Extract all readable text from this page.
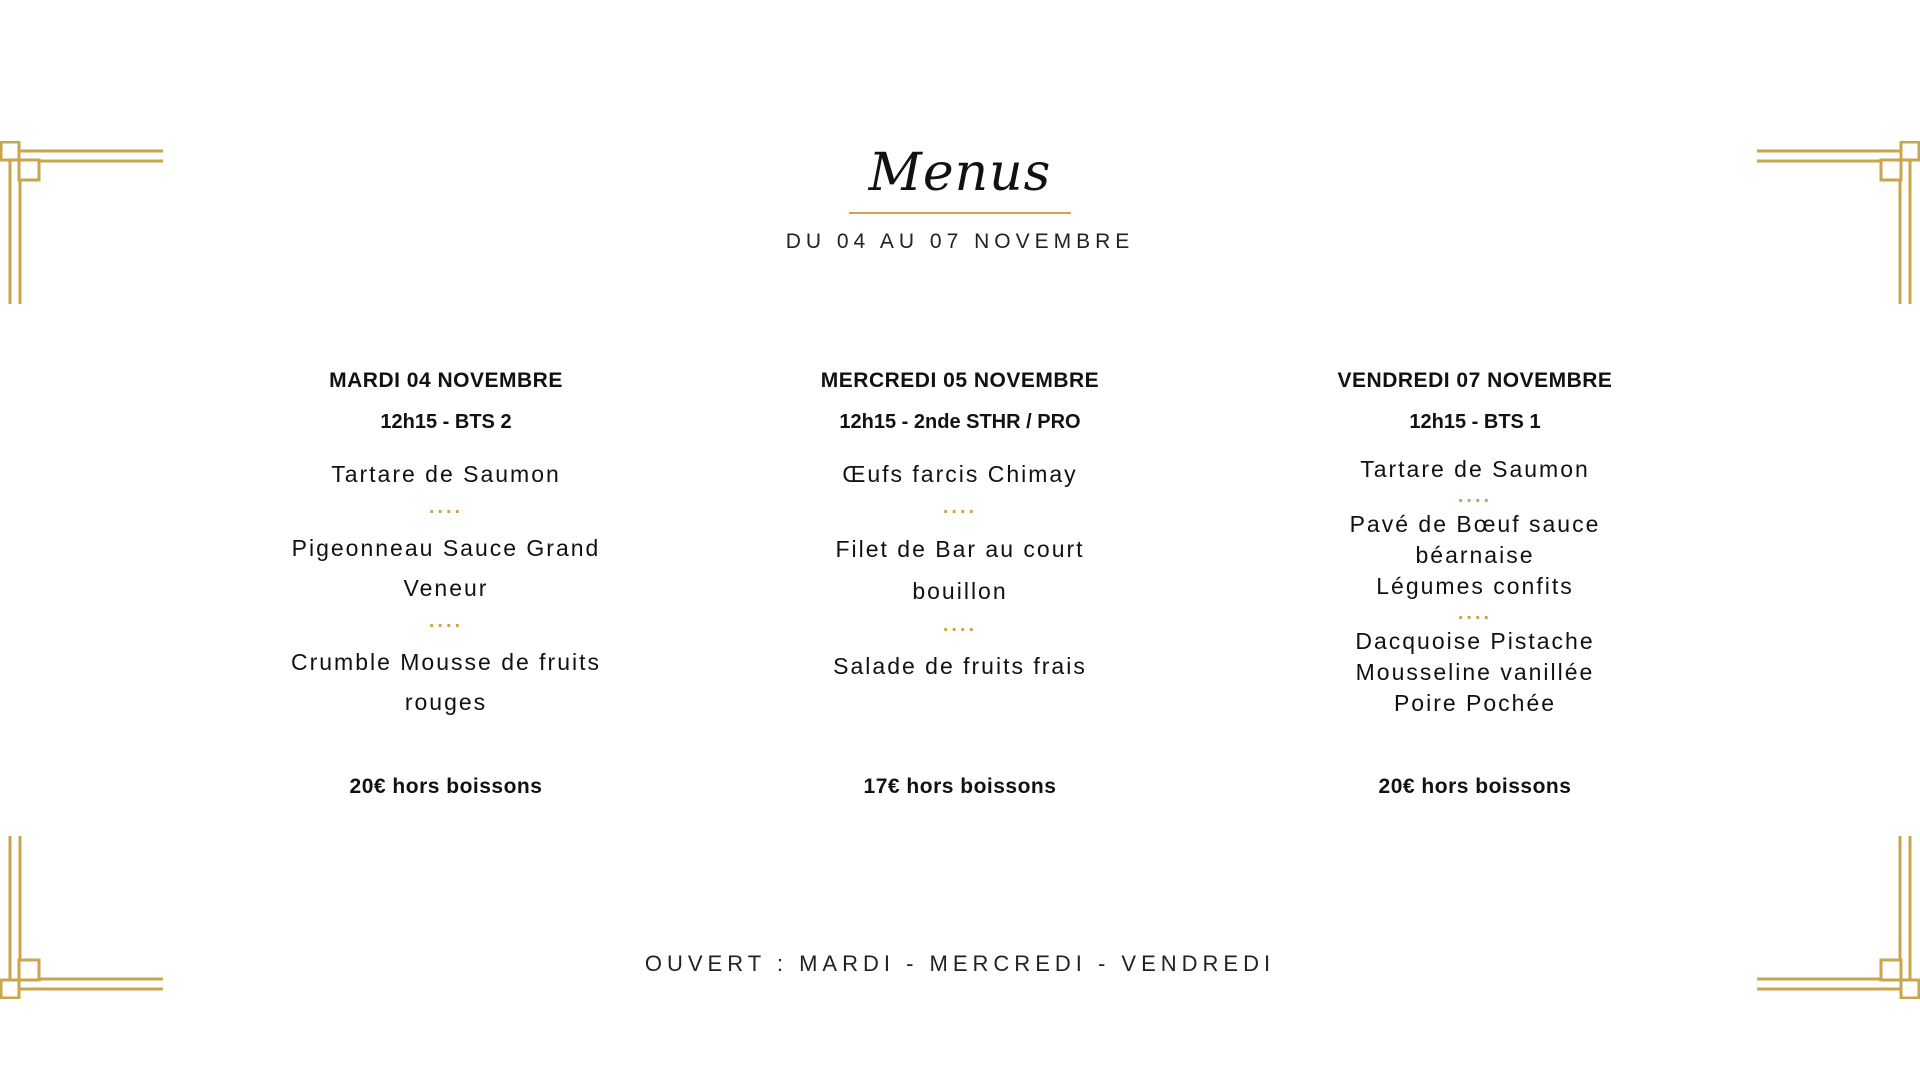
Menus
DU 04 AU 07 NOVEMBRE
MARDI 04 NOVEMBRE
12h15 - BTS 2
Tartare de Saumon
....
Pigeonneau Sauce Grand
Veneur
....
Crumble Mousse de fruits
rouges
20€ hors boissons
MERCREDI 05 NOVEMBRE
12h15 - 2nde STHR / PRO
Œufs farcis Chimay
....
Filet de Bar au court
bouillon
....
Salade de fruits frais
17€ hors boissons
VENDREDI 07 NOVEMBRE
12h15 - BTS 1
Tartare de Saumon
....
Pavé de Bœuf sauce
béarnaise
Légumes confits
....
Dacquoise Pistache
Mousseline vanillée
Poire Pochée
20€ hors boissons
OUVERT : MARDI - MERCREDI - VENDREDI
